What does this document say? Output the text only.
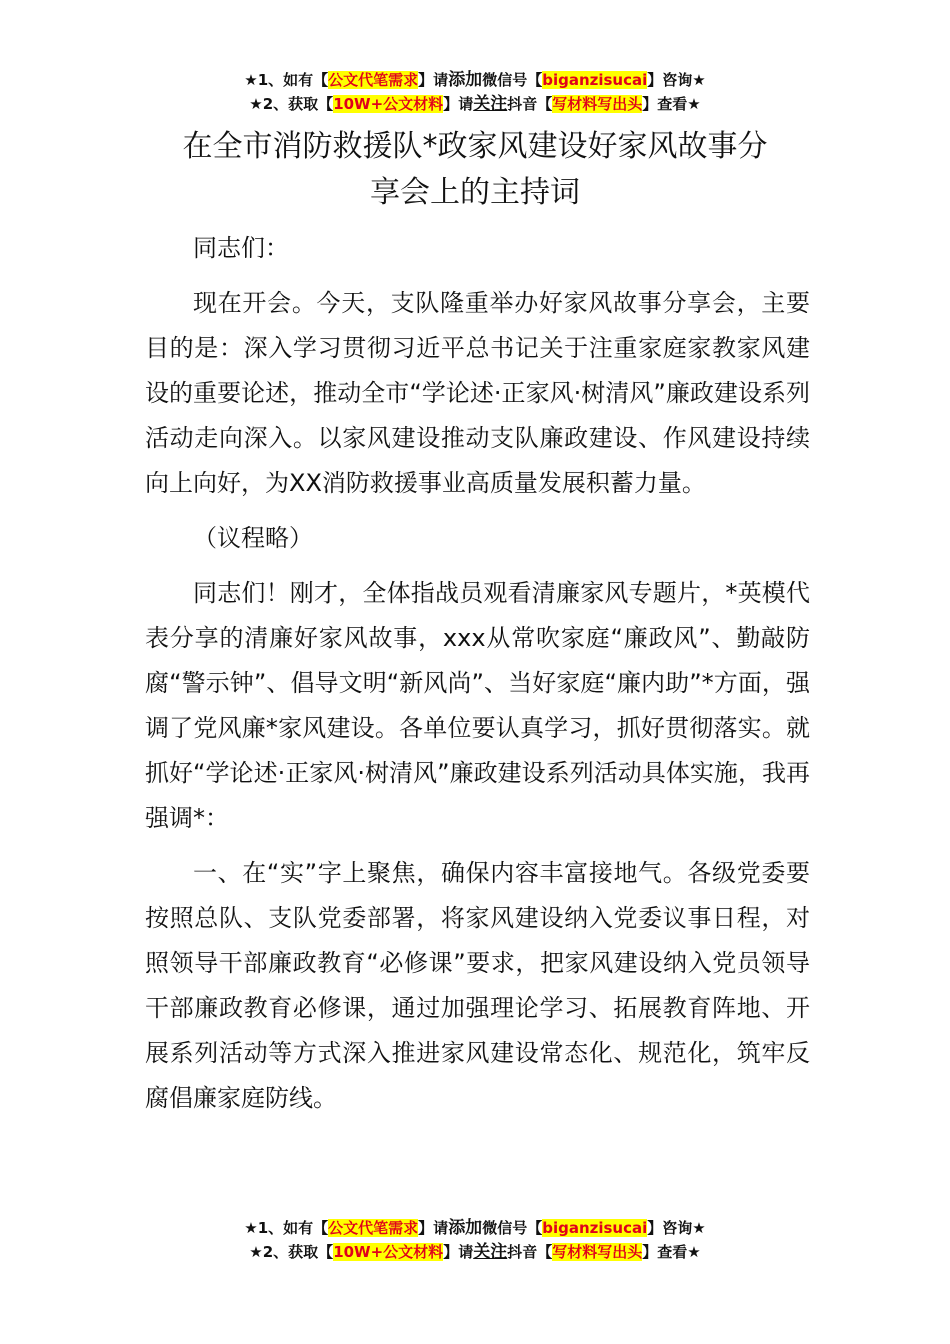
★1、如有【公文代笔需求】请添加微信号【biganzisucai】咨询★
★2、获取【10W+公文材料】请关注抖音【写材料写出头】查看★
在全市消防救援队*政家风建设好家风故事分
享会上的主持词

同志们：

现在开会。今天，支队隆重举办好家风故事分享会，主要目的是：深入学习贯彻习近平总书记关于注重家庭家教家风建设的重要论述，推动全市“学论述·正家风·树清风”廉政建设系列活动走向深入。以家风建设推动支队廉政建设、作风建设持续向上向好，为XX消防救援事业高质量发展积蓄力量。

（议程略）

同志们！刚才，全体指战员观看清廉家风专题片，*英模代表分享的清廉好家风故事，xxx从常吹家庭“廉政风”、勤敲防腐“警示钟”、倡导文明“新风尚”、当好家庭“廉内助”*方面，强调了党风廉*家风建设。各单位要认真学习，抓好贯彻落实。就抓好“学论述·正家风·树清风”廉政建设系列活动具体实施，我再强调*：

一、在“实”字上聚焦，确保内容丰富接地气。各级党委要按照总队、支队党委部署，将家风建设纳入党委议事日程，对照领导干部廉政教育“必修课”要求，把家风建设纳入党员领导干部廉政教育必修课，通过加强理论学习、拓展教育阵地、开展系列活动等方式深入推进家风建设常态化、规范化，筑牢反腐倡廉家庭防线。

★1、如有【公文代笔需求】请添加微信号【biganzisucai】咨询★
★2、获取【10W+公文材料】请关注抖音【写材料写出头】查看★
